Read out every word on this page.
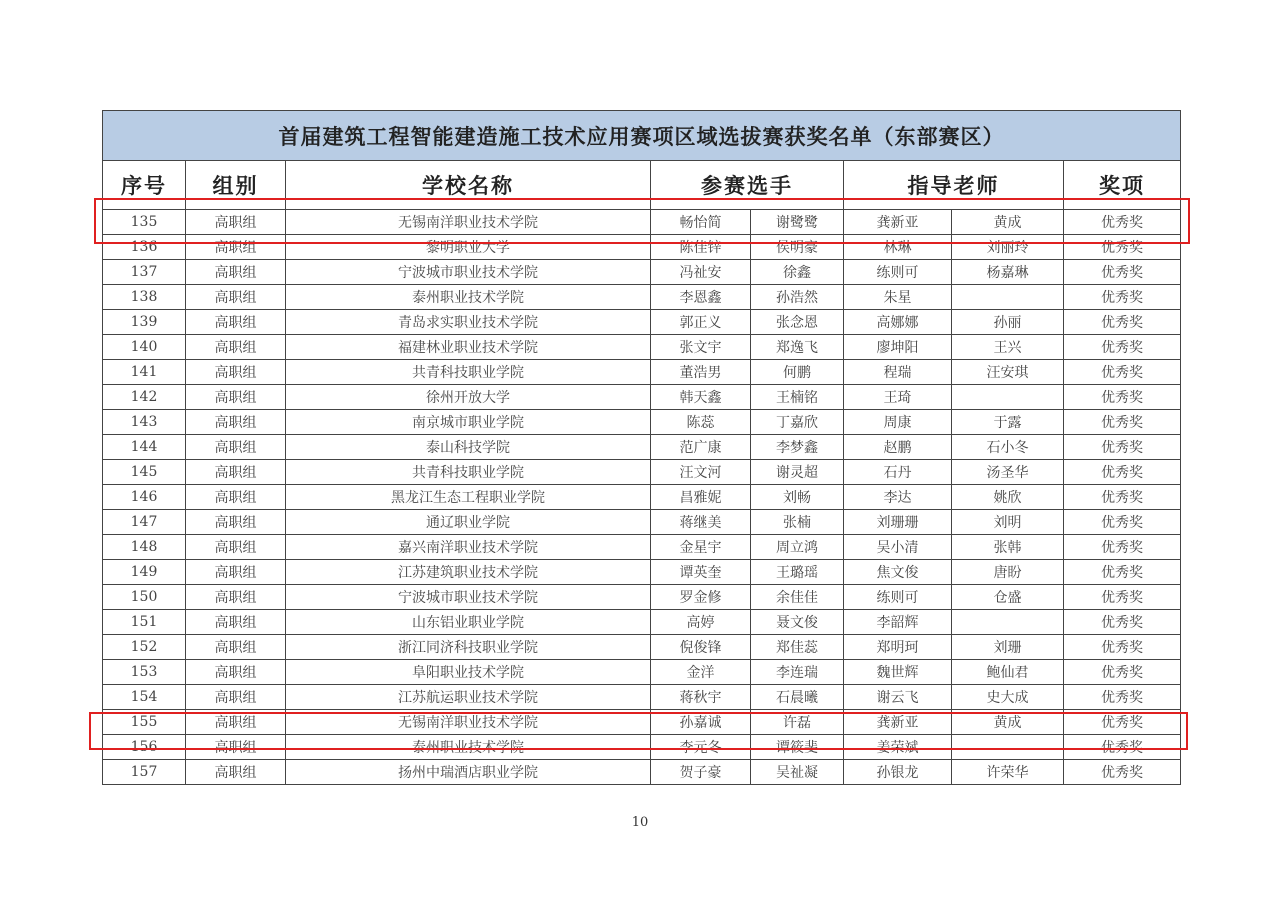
首届建筑工程智能建造施工技术应用赛项区域选拔赛获奖名单（东部赛区）							
序号	组别	学校名称	参赛选手		指导老师		奖项
135	高职组	无锡南洋职业技术学院	畅怡简	谢鹭鹭	龚新亚	黄成	优秀奖
136	高职组	黎明职业大学	陈佳锌	侯明豪	林琳	刘丽玲	优秀奖
137	高职组	宁波城市职业技术学院	冯祉安	徐鑫	练则可	杨嘉琳	优秀奖
138	高职组	泰州职业技术学院	李恩鑫	孙浩然	朱星		优秀奖
139	高职组	青岛求实职业技术学院	郭正义	张念恩	高娜娜	孙丽	优秀奖
140	高职组	福建林业职业技术学院	张文宇	郑逸飞	廖坤阳	王兴	优秀奖
141	高职组	共青科技职业学院	董浩男	何鹏	程瑞	汪安琪	优秀奖
142	高职组	徐州开放大学	韩天鑫	王楠铭	王琦		优秀奖
143	高职组	南京城市职业学院	陈蕊	丁嘉欣	周康	于露	优秀奖
144	高职组	泰山科技学院	范广康	李梦鑫	赵鹏	石小冬	优秀奖
145	高职组	共青科技职业学院	汪文河	谢灵超	石丹	汤圣华	优秀奖
146	高职组	黑龙江生态工程职业学院	昌雅妮	刘畅	李达	姚欣	优秀奖
147	高职组	通辽职业学院	蒋继美	张楠	刘珊珊	刘明	优秀奖
148	高职组	嘉兴南洋职业技术学院	金星宇	周立鸿	吴小清	张韩	优秀奖
149	高职组	江苏建筑职业技术学院	谭英奎	王璐瑶	焦文俊	唐盼	优秀奖
150	高职组	宁波城市职业技术学院	罗金修	余佳佳	练则可	仓盛	优秀奖
151	高职组	山东铝业职业学院	高婷	聂文俊	李韶辉		优秀奖
152	高职组	浙江同济科技职业学院	倪俊锋	郑佳蕊	郑明珂	刘珊	优秀奖
153	高职组	阜阳职业技术学院	金洋	李连瑞	魏世辉	鲍仙君	优秀奖
154	高职组	江苏航运职业技术学院	蒋秋宇	石晨曦	谢云飞	史大成	优秀奖
155	高职组	无锡南洋职业技术学院	孙嘉诚	许磊	龚新亚	黄成	优秀奖
156	高职组	泰州职业技术学院	李元冬	谭筱斐	姜荣斌		优秀奖
157	高职组	扬州中瑞酒店职业学院	贺子豪	吴祉凝	孙银龙	许荣华	优秀奖
10
